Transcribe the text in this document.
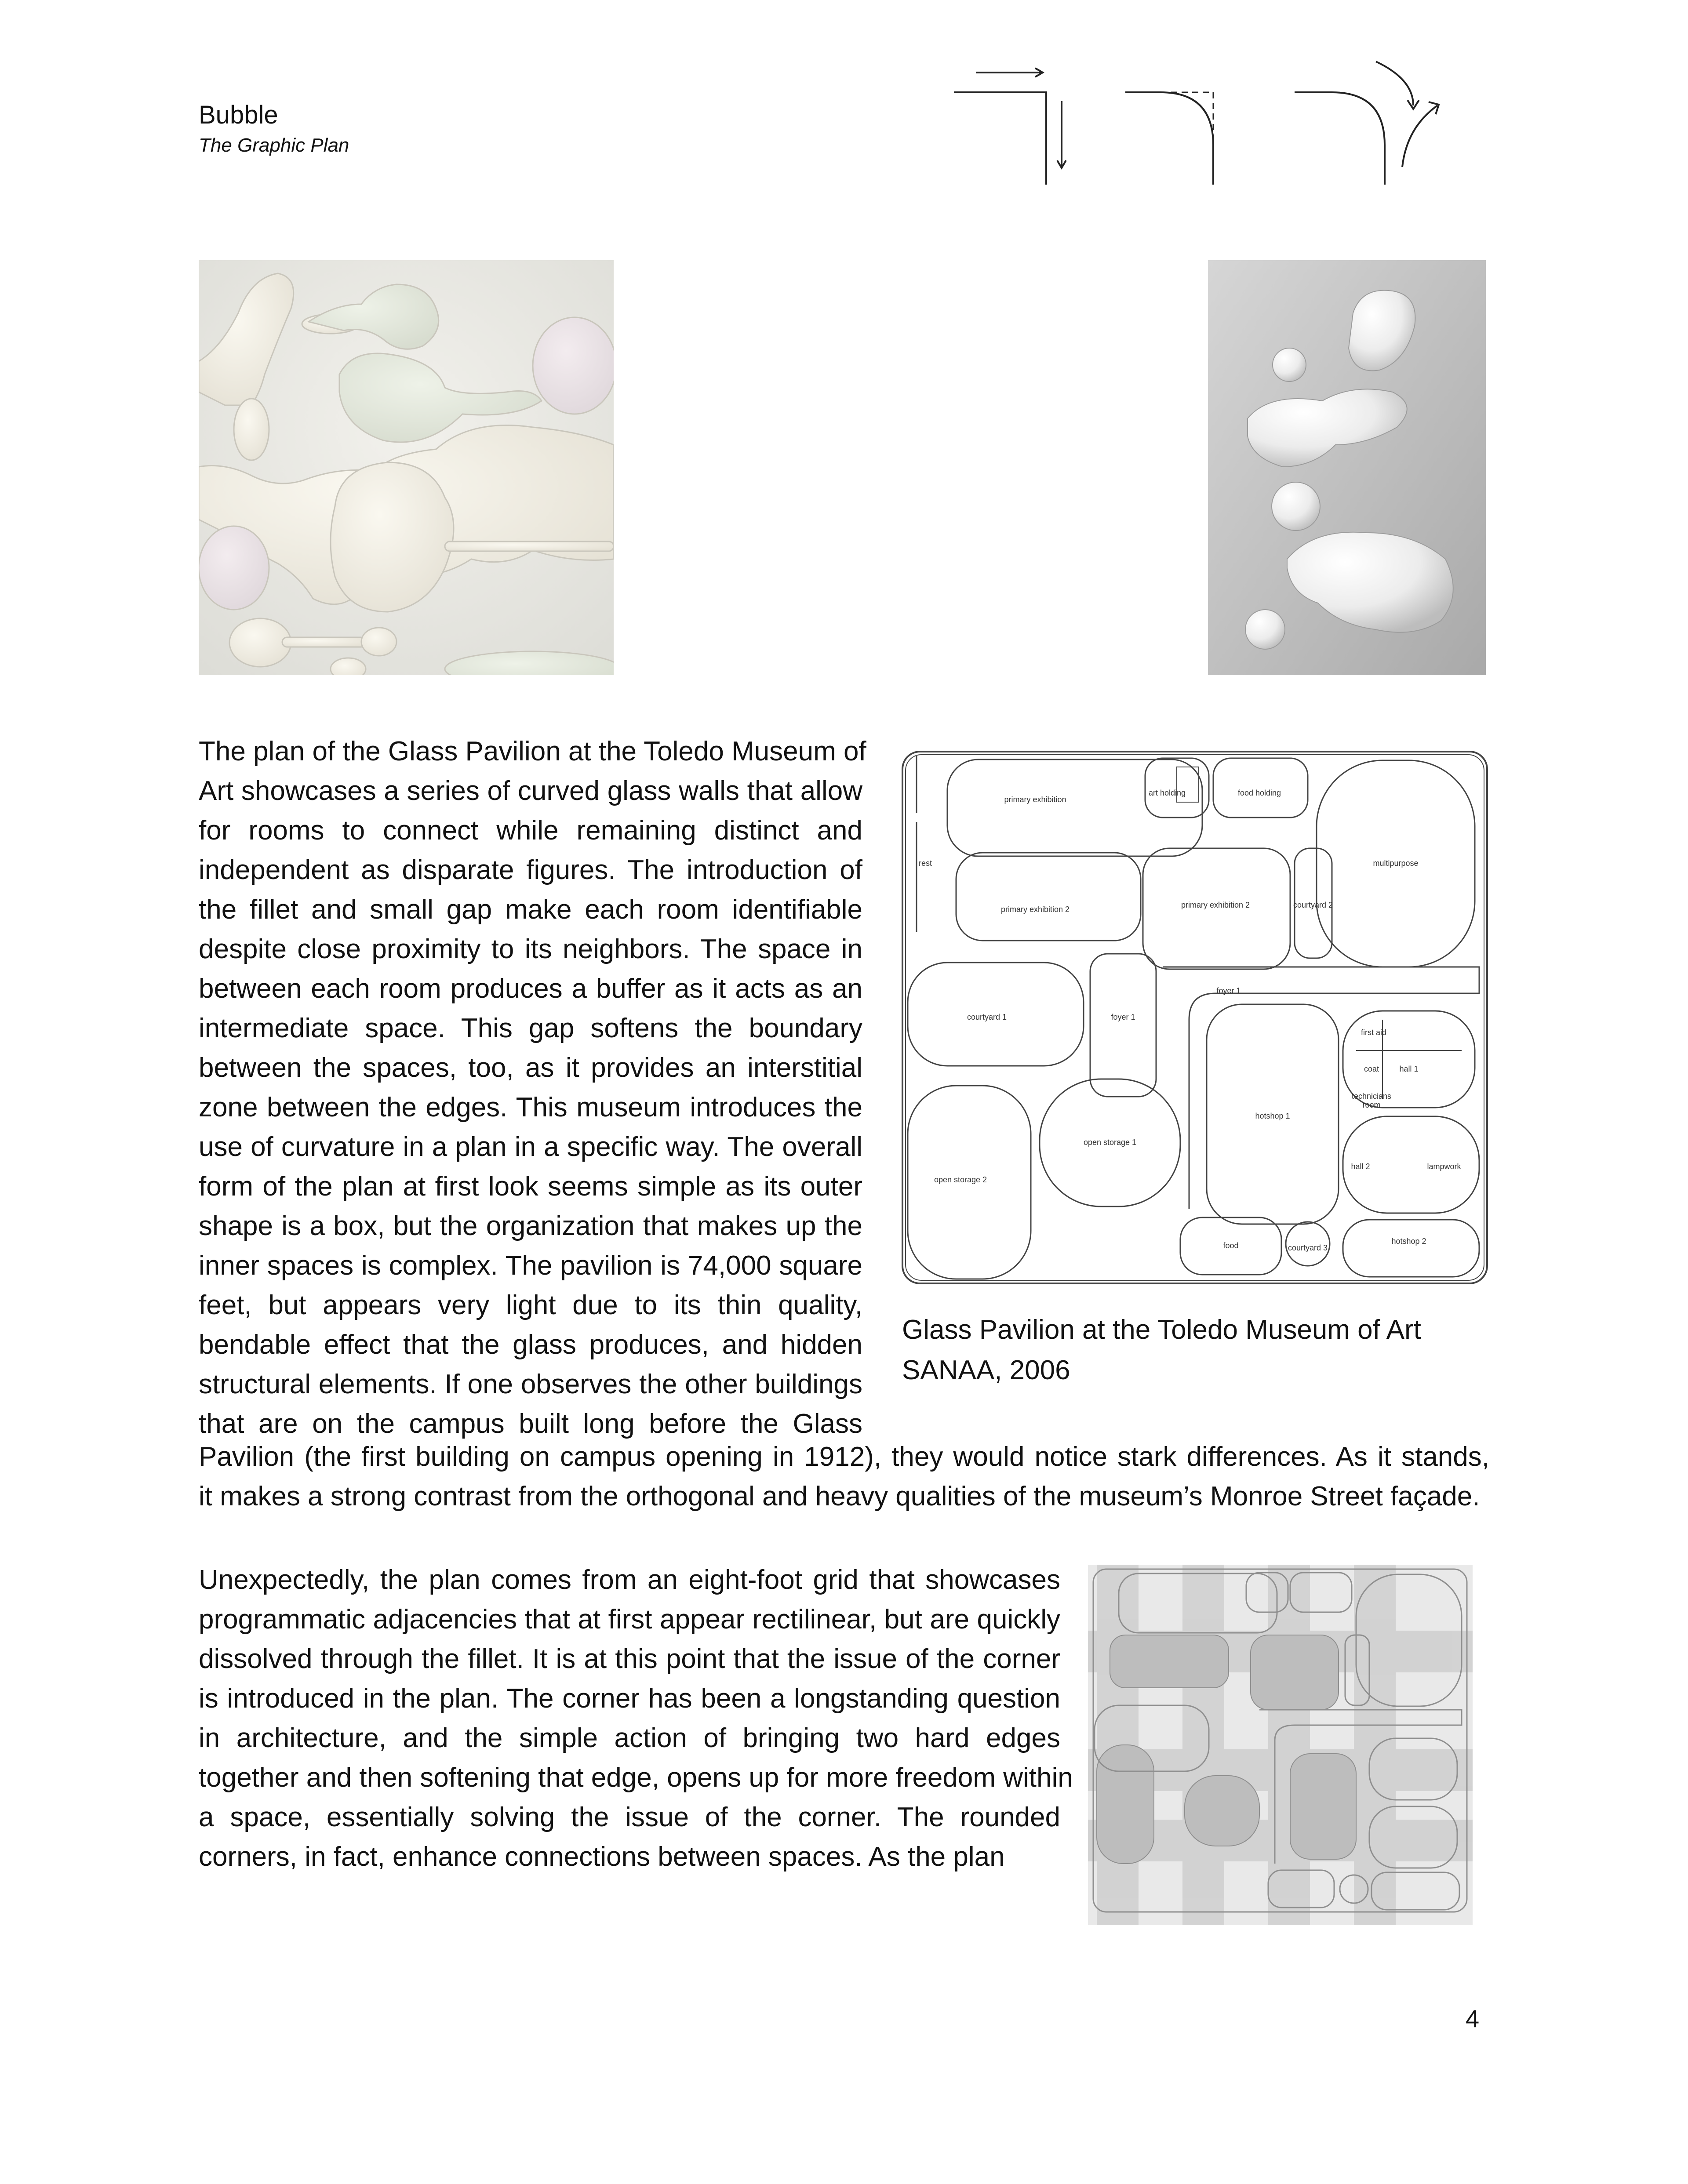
Bubble
The Graphic Plan
The plan of the Glass Pavilion at the Toledo Museum of
Art showcases a series of curved glass walls that allow
for rooms to connect while remaining distinct and
independent as disparate figures. The introduction of
the fillet and small gap make each room identifiable
despite close proximity to its neighbors. The space in
between each room produces a buffer as it acts as an
intermediate space. This gap softens the boundary
between the spaces, too, as it provides an interstitial
zone between the edges. This museum introduces the
use of curvature in a plan in a specific way. The overall
form of the plan at first look seems simple as its outer
shape is a box, but the organization that makes up the
inner spaces is complex. The pavilion is 74,000 square
feet, but appears very light due to its thin quality,
bendable effect that the glass produces, and hidden
structural elements. If one observes the other buildings
that are on the campus built long before the Glass
Pavilion (the first building on campus opening in 1912), they would notice stark differences. As it stands,
it makes a strong contrast from the orthogonal and heavy qualities of the museum’s Monroe Street façade.
primary exhibition
art holding	food holding
rest	multipurpose
primary exhibition 2	primary exhibition 2	courtyard 2
foyer 1
courtyard 1	foyer 1
first aid
coat	hall 1
technicians
room
hotshop 1
open storage 1
open storage 2
hall 2	lampwork
food	courtyard 3
hotshop 2
Glass Pavilion at the Toledo Museum of Art
SANAA, 2006
Unexpectedly, the plan comes from an eight-foot grid that showcases
programmatic adjacencies that at first appear rectilinear, but are quickly
dissolved through the fillet. It is at this point that the issue of the corner
is introduced in the plan. The corner has been a longstanding question
in architecture, and the simple action of bringing two hard edges
together and then softening that edge, opens up for more freedom within
a space, essentially solving the issue of the corner. The rounded
corners, in fact, enhance connections between spaces. As the plan
4
